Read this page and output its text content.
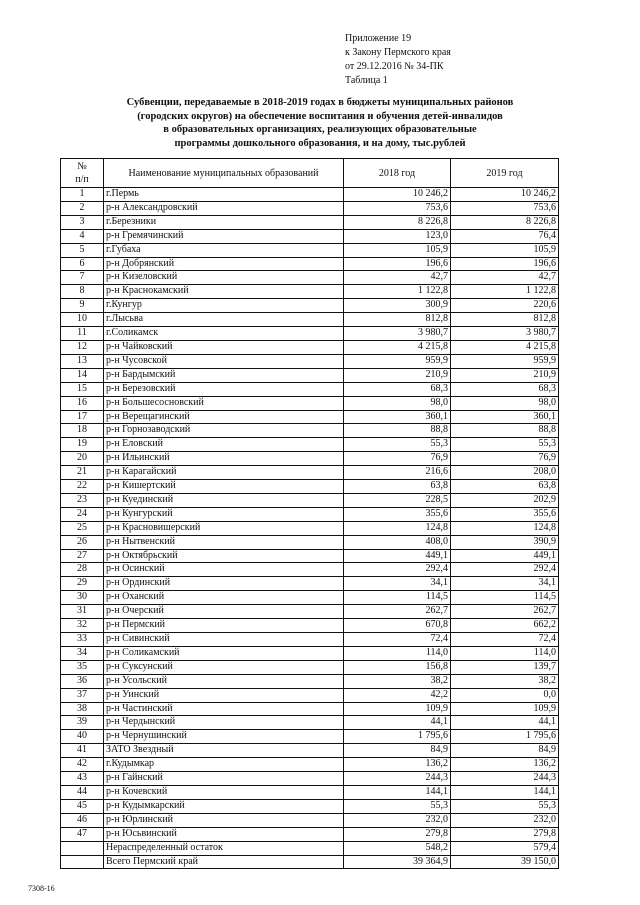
Приложение 19
к Закону Пермского края
от 29.12.2016 № 34-ПК
Таблица 1
Субвенции, передаваемые в 2018-2019 годах в бюджеты муниципальных районов
(городских округов) на обеспечение воспитания и обучения детей-инвалидов
в образовательных организациях, реализующих образовательные
программы дошкольного образования, и на дому, тыс.рублей
№
п/п	Наименование муниципальных образований	2018 год	2019 год
1	г.Пермь	10 246,2	10 246,2
2	р-н Александровский	753,6	753,6
3	г.Березники	8 226,8	8 226,8
4	р-н Гремячинский	123,0	76,4
5	г.Губаха	105,9	105,9
6	р-н Добрянский	196,6	196,6
7	р-н Кизеловский	42,7	42,7
8	р-н Краснокамский	1 122,8	1 122,8
9	г.Кунгур	300,9	220,6
10	г.Лысьва	812,8	812,8
11	г.Соликамск	3 980,7	3 980,7
12	р-н Чайковский	4 215,8	4 215,8
13	р-н Чусовской	959,9	959,9
14	р-н Бардымский	210,9	210,9
15	р-н Березовский	68,3	68,3
16	р-н Большесосновский	98,0	98,0
17	р-н Верещагинский	360,1	360,1
18	р-н Горнозаводский	88,8	88,8
19	р-н Еловский	55,3	55,3
20	р-н Ильинский	76,9	76,9
21	р-н Карагайский	216,6	208,0
22	р-н Кишертский	63,8	63,8
23	р-н Куединский	228,5	202,9
24	р-н Кунгурский	355,6	355,6
25	р-н Красновишерский	124,8	124,8
26	р-н Нытвенский	408,0	390,9
27	р-н Октябрьский	449,1	449,1
28	р-н Осинский	292,4	292,4
29	р-н Ординский	34,1	34,1
30	р-н Оханский	114,5	114,5
31	р-н Очерский	262,7	262,7
32	р-н Пермский	670,8	662,2
33	р-н Сивинский	72,4	72,4
34	р-н Соликамский	114,0	114,0
35	р-н Суксунский	156,8	139,7
36	р-н Усольский	38,2	38,2
37	р-н Уинский	42,2	0,0
38	р-н Частинский	109,9	109,9
39	р-н Чердынский	44,1	44,1
40	р-н Чернушинский	1 795,6	1 795,6
41	ЗАТО Звездный	84,9	84,9
42	г.Кудымкар	136,2	136,2
43	р-н Гайнский	244,3	244,3
44	р-н Кочевский	144,1	144,1
45	р-н Кудымкарский	55,3	55,3
46	р-н Юрлинский	232,0	232,0
47	р-н Юсьвинский	279,8	279,8
	Нераспределенный остаток	548,2	579,4
	Всего Пермский край	39 364,9	39 150,0
7308-16
